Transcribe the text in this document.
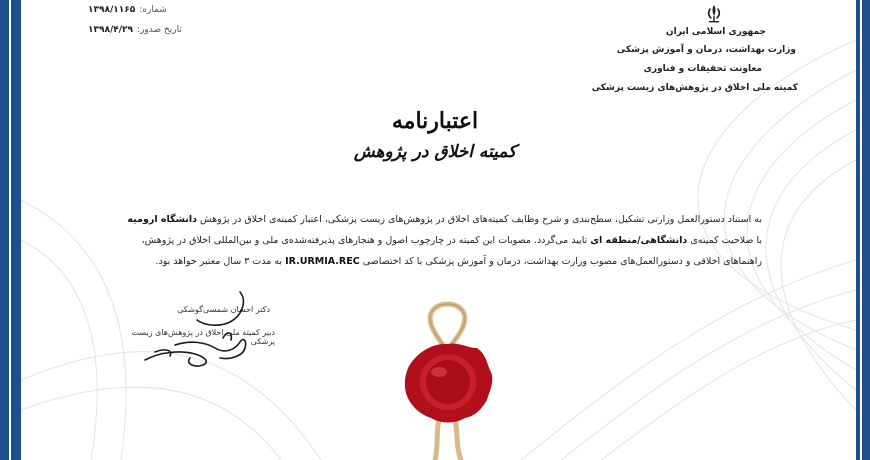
شماره:۱۳۹۸/۱۱۶۵
تاریخ صدور:۱۳۹۸/۴/۲۹	جمهوری اسلامی ایران
وزارت بهداشت، درمان و آموزش پزشکی
معاونت تحقیقات و فناوری
کمیته ملی اخلاق در پژوهش‌های زیست پزشکی
اعتبارنامه
کمیته اخلاق در پژوهش
به استناد دستورالعمل وزارتی تشکیل، سطح‌بندی و شرح وظایف کمیته‌های اخلاق در پژوهش‌های زیست پزشکی، اعتبار کمیته‌ی اخلاق در پژوهش دانشگاه ارومیه
با صلاحیت کمیته‌ی دانشگاهی/منطقه ای تایید می‌گردد. مصوبات این کمیته در چارچوب اصول و هنجارهای پذیرفته‌شده‌ی ملی و بین‌المللی اخلاق در پژوهش،
راهنماهای اخلاقی و دستورالعمل‌های مصوب وزارت بهداشت، درمان و آموزش پزشکی با کد اختصاصی IR.URMIA.REC به مدت ۳ سال معتبر خواهد بود.
دکتر احسان شمسی‌گوشکی
دبیر کمیته ملی اخلاق در پژوهش‌های زیست پزشکی
